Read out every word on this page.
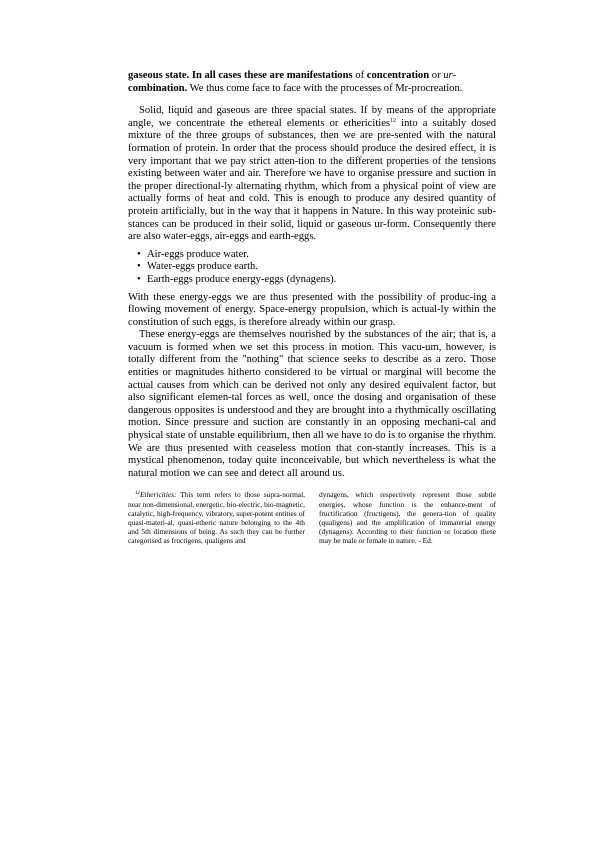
gaseous state. In all cases these are manifestations of concentration or ur-
combination. We thus come face to face with the processes of Mr-procreation.

Solid, liquid and gaseous are three spacial states. If by means of the appropriate angle, we concentrate the ethereal elements or ethericities$^{12}$ into a suitably dosed mixture of the three groups of substances, then we are pre-sented with the natural formation of protein. In order that the process should produce the desired effect, it is very important that we pay strict atten-tion to the different properties of the tensions existing between water and air. Therefore we have to organise pressure and suction in the proper directional-ly alternating rhythm, which from a physical point of view are actually forms of heat and cold. This is enough to produce any desired quantity of protein artificially, but in the way that it happens in Nature. In this way proteinic sub-stances can be produced in their solid, liquid or gaseous ur-form. Consequently there are also water-eggs, air-eggs and earth-eggs.

• Air-eggs produce water.
• Water-eggs produce earth.
• Earth-eggs produce energy-eggs (dynagens).

With these energy-eggs we are thus presented with the possibility of produc-ing a flowing movement of energy. Space-energy propulsion, which is actual-ly within the constitution of such eggs, is therefore already within our grasp.

These energy-eggs are themselves nourished by the substances of the air; that is, a vacuum is formed when we set this process in motion. This vacu-um, however, is totally different from the "nothing" that science seeks to describe as a zero. Those entities or magnitudes hitherto considered to be virtual or marginal will become the actual causes from which can be derived not only any desired equivalent factor, but also significant elemen-tal forces as well, once the dosing and organisation of these dangerous opposites is understood and they are brought into a rhythmically oscillating motion. Since pressure and suction are constantly in an opposing mechani-cal and physical state of unstable equilibrium, then all we have to do is to organise the rhythm. We are thus presented with ceaseless motion that con-stantly increases. This is a mystical phenomenon, today quite inconceivable, but which nevertheless is what the natural motion we can see and detect all around us.

$^{12}$Ethericities: This term refers to those supra-normal, near non-dimensional, energetic, bio-electric, bio-magnetic, catalytic, high-frequency, vibratory, super-potent entities of quasi-materi-al, quasi-etheric nature belonging to the 4th and 5th dimensions of being. As such they can be further categorised as fructigens, qualigens and

dynagens, which respectively represent those subtle energies, whose function is the enhance-ment of fructification (fructigens), the genera-tion of quality (qualigens) and the amplification of immaterial energy (dynagens). According to their function or location these may be male or female in nature. - Ed.
